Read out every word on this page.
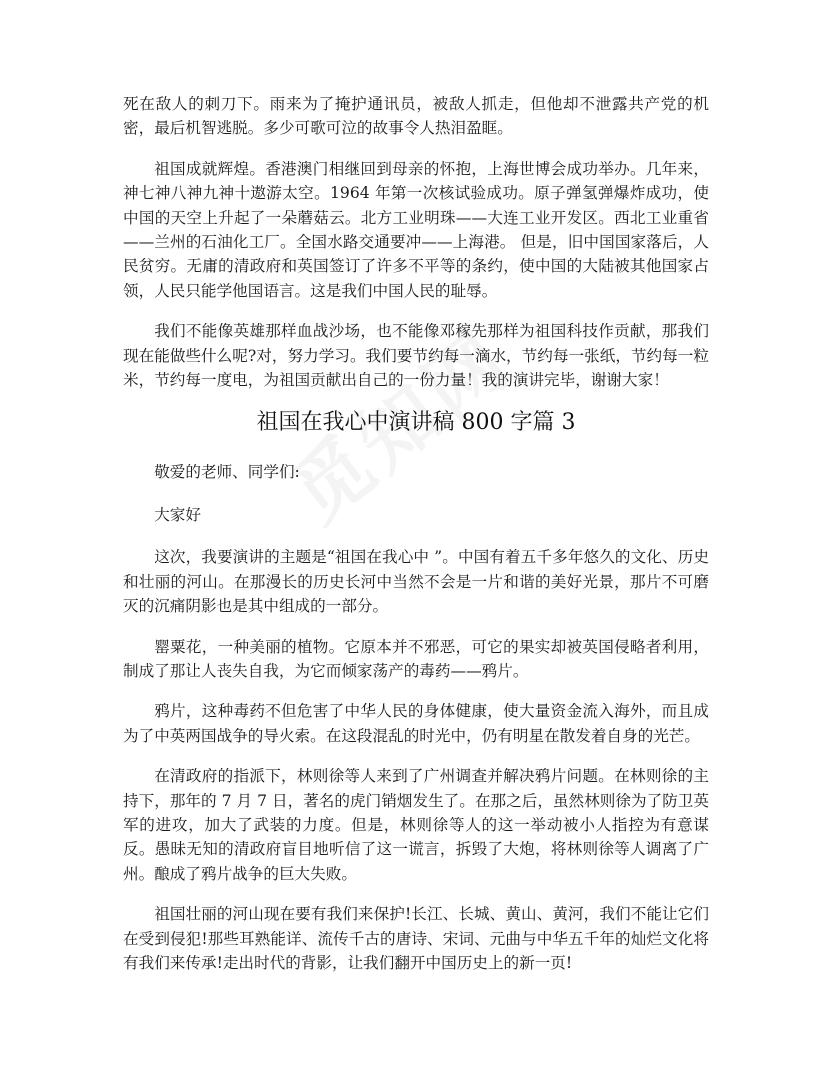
死在敌人的刺刀下。雨来为了掩护通讯员，被敌人抓走，但他却不泄露共产党的机密，最后机智逃脱。多少可歌可泣的故事令人热泪盈眶。

祖国成就辉煌。香港澳门相继回到母亲的怀抱，上海世博会成功举办。几年来，神七神八神九神十遨游太空。1964 年第一次核试验成功。原子弹氢弹爆炸成功，使中国的天空上升起了一朵蘑菇云。北方工业明珠——大连工业开发区。西北工业重省——兰州的石油化工厂。全国水路交通要冲——上海港。 但是，旧中国国家落后，人民贫穷。无庸的清政府和英国签订了许多不平等的条约，使中国的大陆被其他国家占领，人民只能学他国语言。这是我们中国人民的耻辱。

我们不能像英雄那样血战沙场，也不能像邓稼先那样为祖国科技作贡献，那我们现在能做些什么呢?对，努力学习。我们要节约每一滴水，节约每一张纸，节约每一粒米，节约每一度电，为祖国贡献出自己的一份力量！我的演讲完毕，谢谢大家！

祖国在我心中演讲稿 800 字篇 3

敬爱的老师、同学们:

大家好

这次，我要演讲的主题是“祖国在我心中 ”。中国有着五千多年悠久的文化、历史和壮丽的河山。在那漫长的历史长河中当然不会是一片和谐的美好光景，那片不可磨灭的沉痛阴影也是其中组成的一部分。

罂粟花，一种美丽的植物。它原本并不邪恶，可它的果实却被英国侵略者利用，制成了那让人丧失自我，为它而倾家荡产的毒药——鸦片。

鸦片，这种毒药不但危害了中华人民的身体健康，使大量资金流入海外，而且成为了中英两国战争的导火索。在这段混乱的时光中，仍有明星在散发着自身的光芒。

在清政府的指派下，林则徐等人来到了广州调查并解决鸦片问题。在林则徐的主持下，那年的 7 月 7 日，著名的虎门销烟发生了。在那之后，虽然林则徐为了防卫英军的进攻，加大了武装的力度。但是，林则徐等人的这一举动被小人指控为有意谋反。愚昧无知的清政府盲目地听信了这一谎言，拆毁了大炮，将林则徐等人调离了广州。酿成了鸦片战争的巨大失败。

祖国壮丽的河山现在要有我们来保护!长江、长城、黄山、黄河，我们不能让它们在受到侵犯!那些耳熟能详、流传千古的唐诗、宋词、元曲与中华五千年的灿烂文化将有我们来传承!走出时代的背影，让我们翻开中国历史上的新一页!
